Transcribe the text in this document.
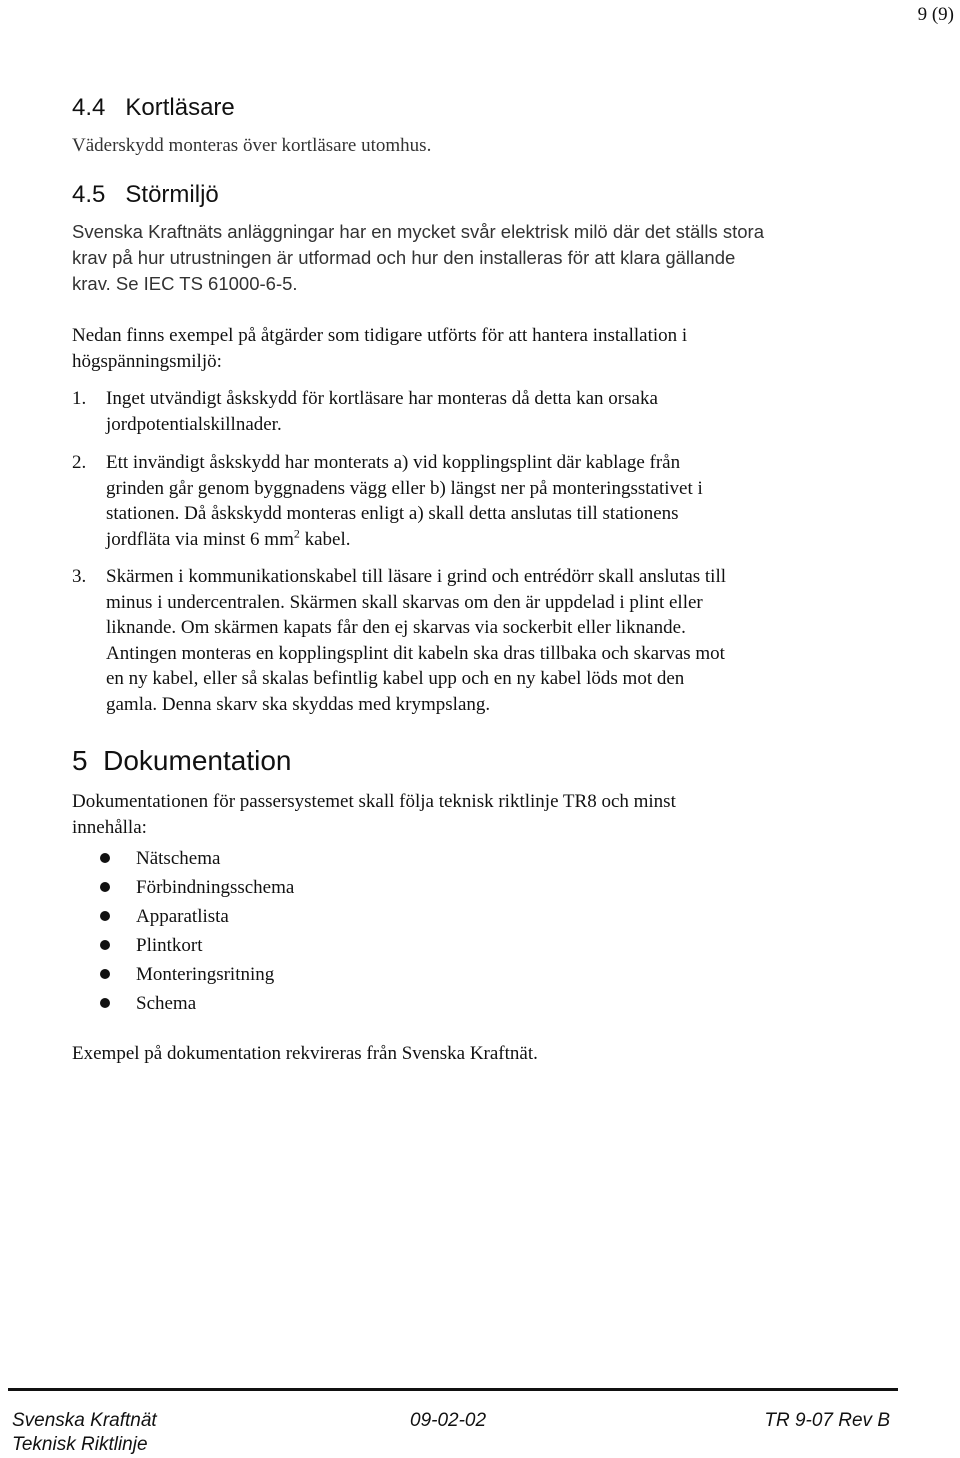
9 (9)
4.4 Kortläsare
Väderskydd monteras över kortläsare utomhus.
4.5 Störmiljö
Svenska Kraftnäts anläggningar har en mycket svår elektrisk milö där det ställs stora
krav på hur utrustningen är utformad och hur den installeras för att klara gällande
krav. Se IEC TS 61000-6-5.
Nedan finns exempel på åtgärder som tidigare utförts för att hantera installation i
högspänningsmiljö:
1. Inget utvändigt åskskydd för kortläsare har monteras då detta kan orsaka
jordpotentialskillnader.
2. Ett invändigt åskskydd har monterats a) vid kopplingsplint där kablage från
grinden går genom byggnadens vägg eller b) längst ner på monteringsstativet i
stationen. Då åskskydd monteras enligt a) skall detta anslutas till stationens
jordfläta via minst 6 $mm^2$ kabel.
3. Skärmen i kommunikationskabel till läsare i grind och entrédörr skall anslutas till
minus i undercentralen. Skärmen skall skarvas om den är uppdelad i plint eller
liknande. Om skärmen kapats får den ej skarvas via sockerbit eller liknande.
Antingen monteras en kopplingsplint dit kabeln ska dras tillbaka och skarvas mot
en ny kabel, eller så skalas befintlig kabel upp och en ny kabel löds mot den
gamla. Denna skarv ska skyddas med krympslang.
5 Dokumentation
Dokumentationen för passersystemet skall följa teknisk riktlinje TR8 och minst
innehålla:
Nätschema
Förbindningsschema
Apparatlista
Plintkort
Monteringsritning
Schema
Exempel på dokumentation rekvireras från Svenska Kraftnät.
Svenska Kraftnät	09-02-02	TR 9-07 Rev B
Teknisk Riktlinje
